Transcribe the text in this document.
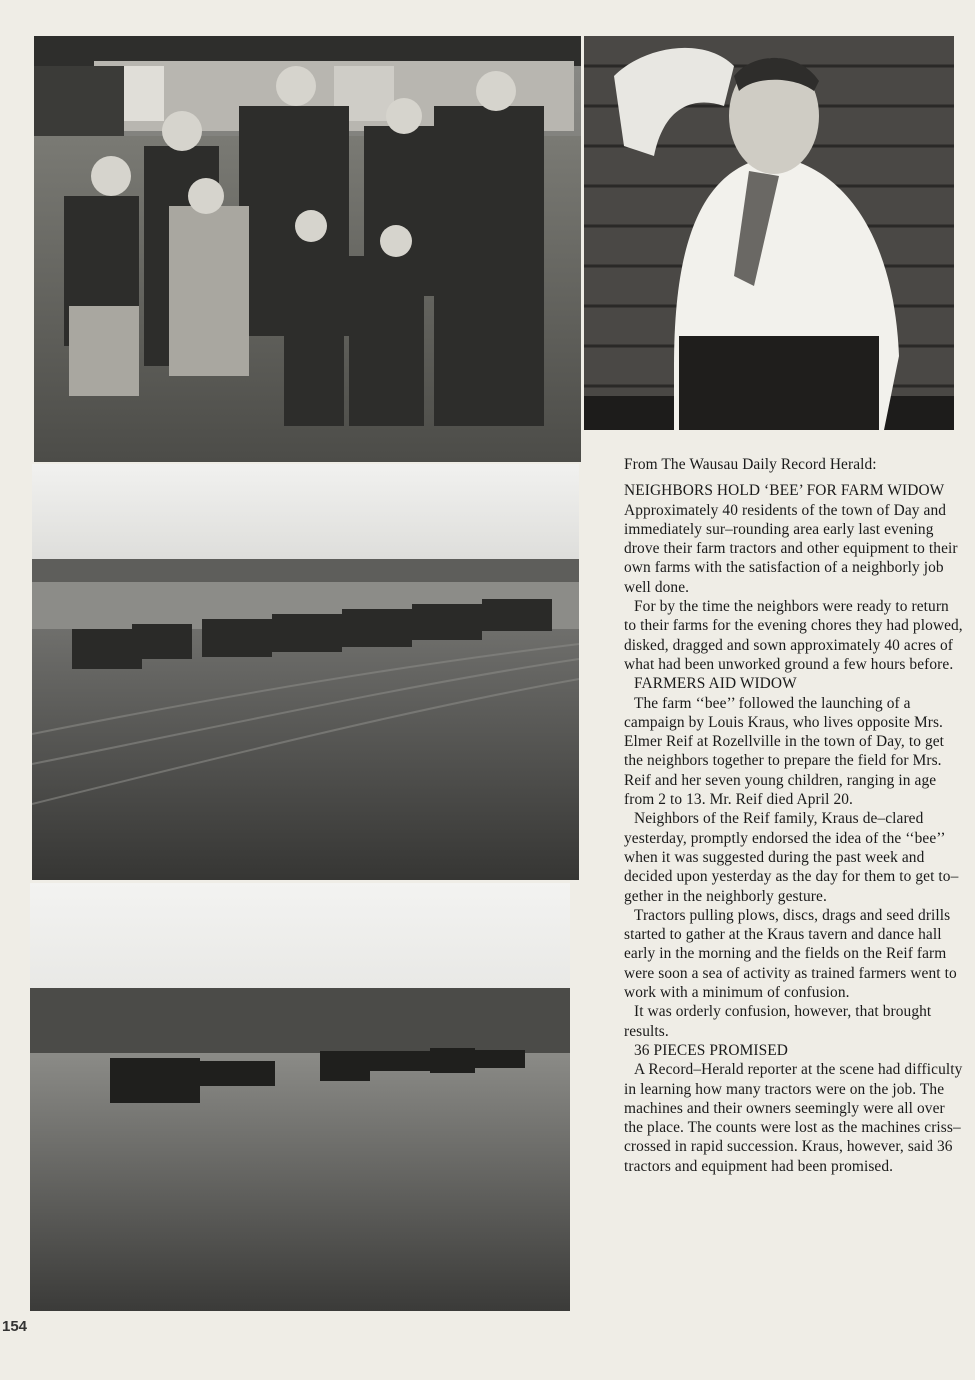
From The Wausau Daily Record Herald:

NEIGHBORS HOLD ‘BEE’ FOR FARM WIDOW

Approximately 40 residents of the town of Day and immediately sur–rounding area early last evening drove their farm tractors and other equipment to their own farms with the satisfaction of a neighborly job well done.

For by the time the neighbors were ready to return to their farms for the evening chores they had plowed, disked, dragged and sown approximately 40 acres of what had been unworked ground a few hours before.

FARMERS AID WIDOW

The farm ‘‘bee’’ followed the launching of a campaign by Louis Kraus, who lives opposite Mrs. Elmer Reif at Rozellville in the town of Day, to get the neighbors together to prepare the field for Mrs. Reif and her seven young children, ranging in age from 2 to 13. Mr. Reif died April 20.

Neighbors of the Reif family, Kraus de–clared yesterday, promptly endorsed the idea of the ‘‘bee’’ when it was suggested during the past week and decided upon yesterday as the day for them to get to–gether in the neighborly gesture.

Tractors pulling plows, discs, drags and seed drills started to gather at the Kraus tavern and dance hall early in the morning and the fields on the Reif farm were soon a sea of activity as trained farmers went to work with a minimum of confusion.

It was orderly confusion, however, that brought results.

36 PIECES PROMISED

A Record–Herald reporter at the scene had difficulty in learning how many tractors were on the job. The machines and their owners seemingly were all over the place. The counts were lost as the machines criss–crossed in rapid succession. Kraus, however, said 36 tractors and equipment had been promised.

154
